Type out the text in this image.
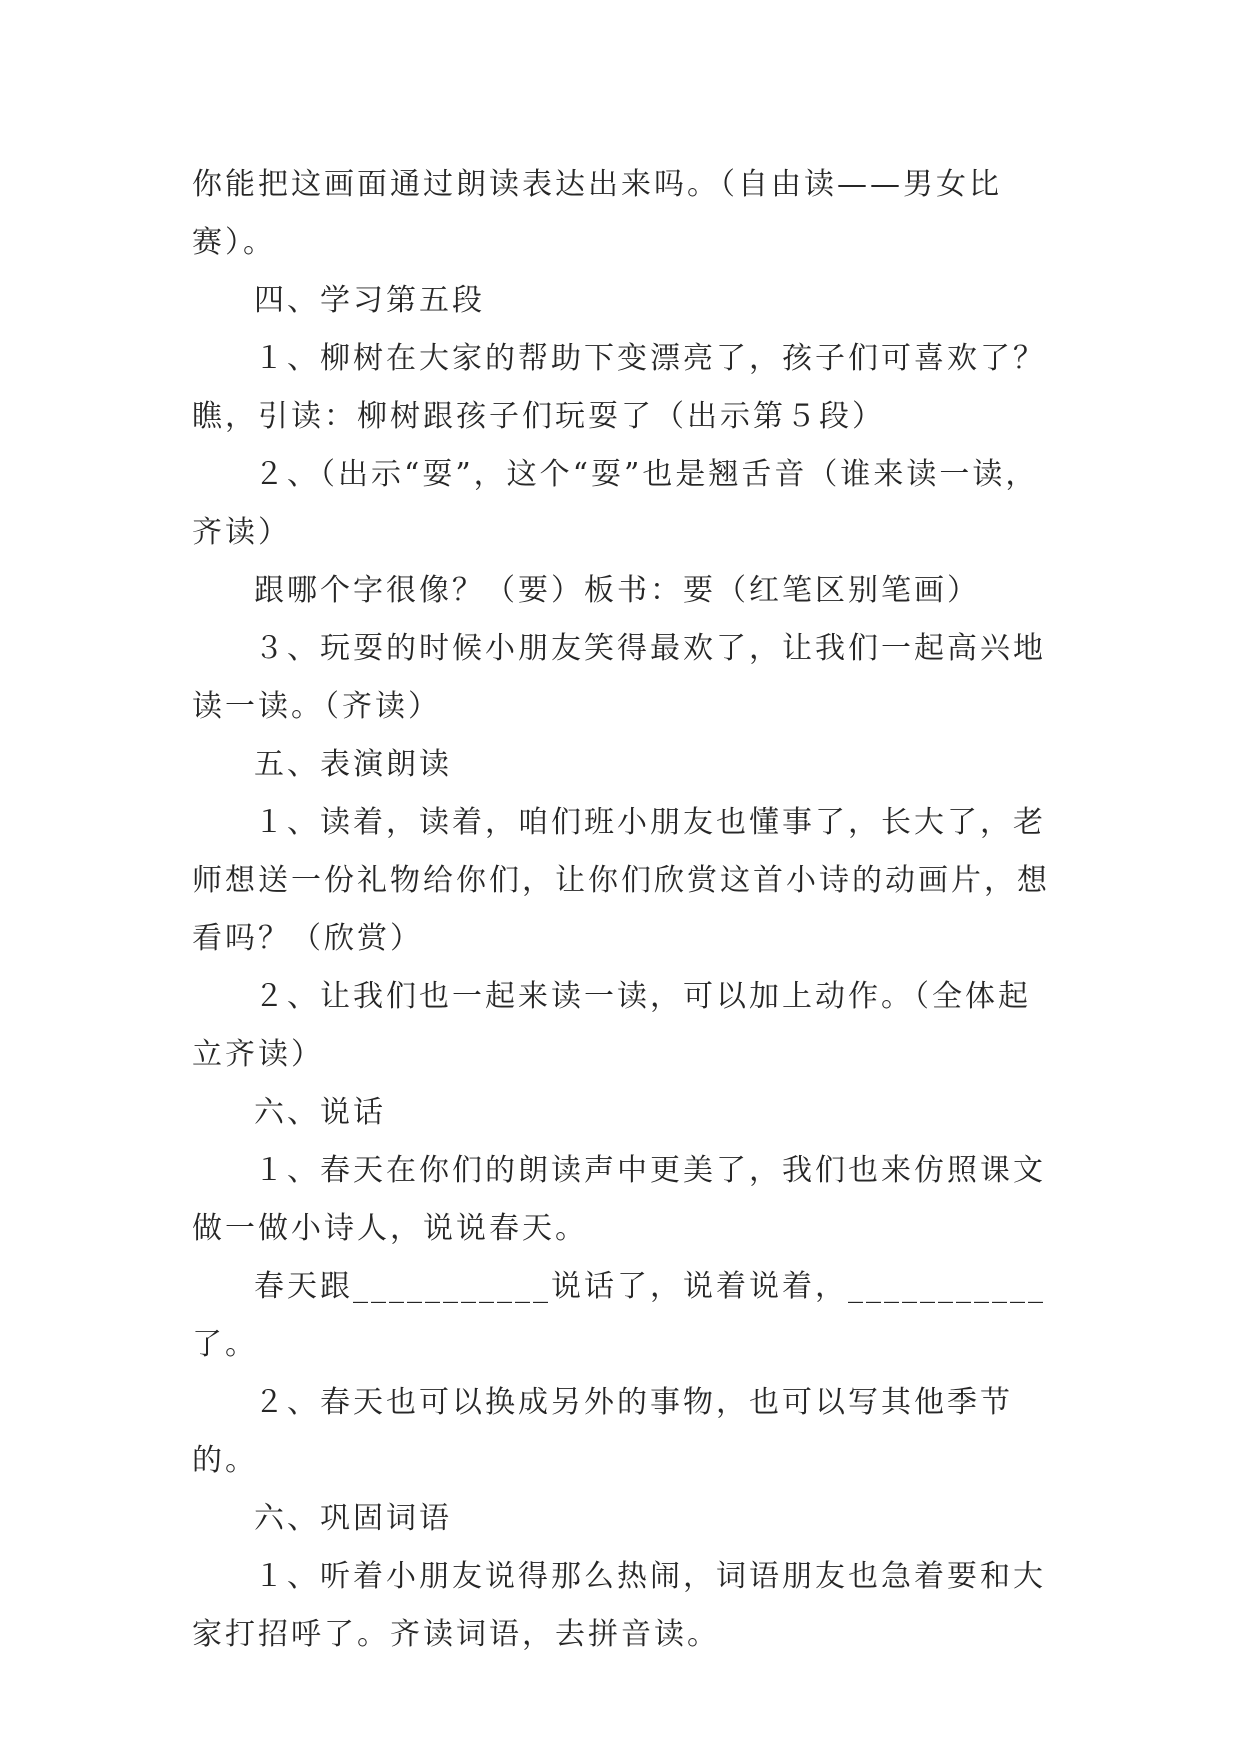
你能把这画面通过朗读表达出来吗。（自由读——男女比赛）。

四、学习第五段

１、柳树在大家的帮助下变漂亮了，孩子们可喜欢了？瞧，引读：柳树跟孩子们玩耍了（出示第５段）

２、（出示“耍”，这个“耍”也是翘舌音（谁来读一读，齐读）

跟哪个字很像？（要）板书：要（红笔区别笔画）

３、玩耍的时候小朋友笑得最欢了，让我们一起高兴地读一读。（齐读）

五、表演朗读

１、读着，读着，咱们班小朋友也懂事了，长大了，老师想送一份礼物给你们，让你们欣赏这首小诗的动画片，想看吗？（欣赏）

２、让我们也一起来读一读，可以加上动作。（全体起立齐读）

六、说话

１、春天在你们的朗读声中更美了，我们也来仿照课文做一做小诗人，说说春天。

春天跟___________说话了，说着说着，___________了。

２、春天也可以换成另外的事物，也可以写其他季节的。

六、巩固词语

１、听着小朋友说得那么热闹，词语朋友也急着要和大家打招呼了。齐读词语，去拼音读。
